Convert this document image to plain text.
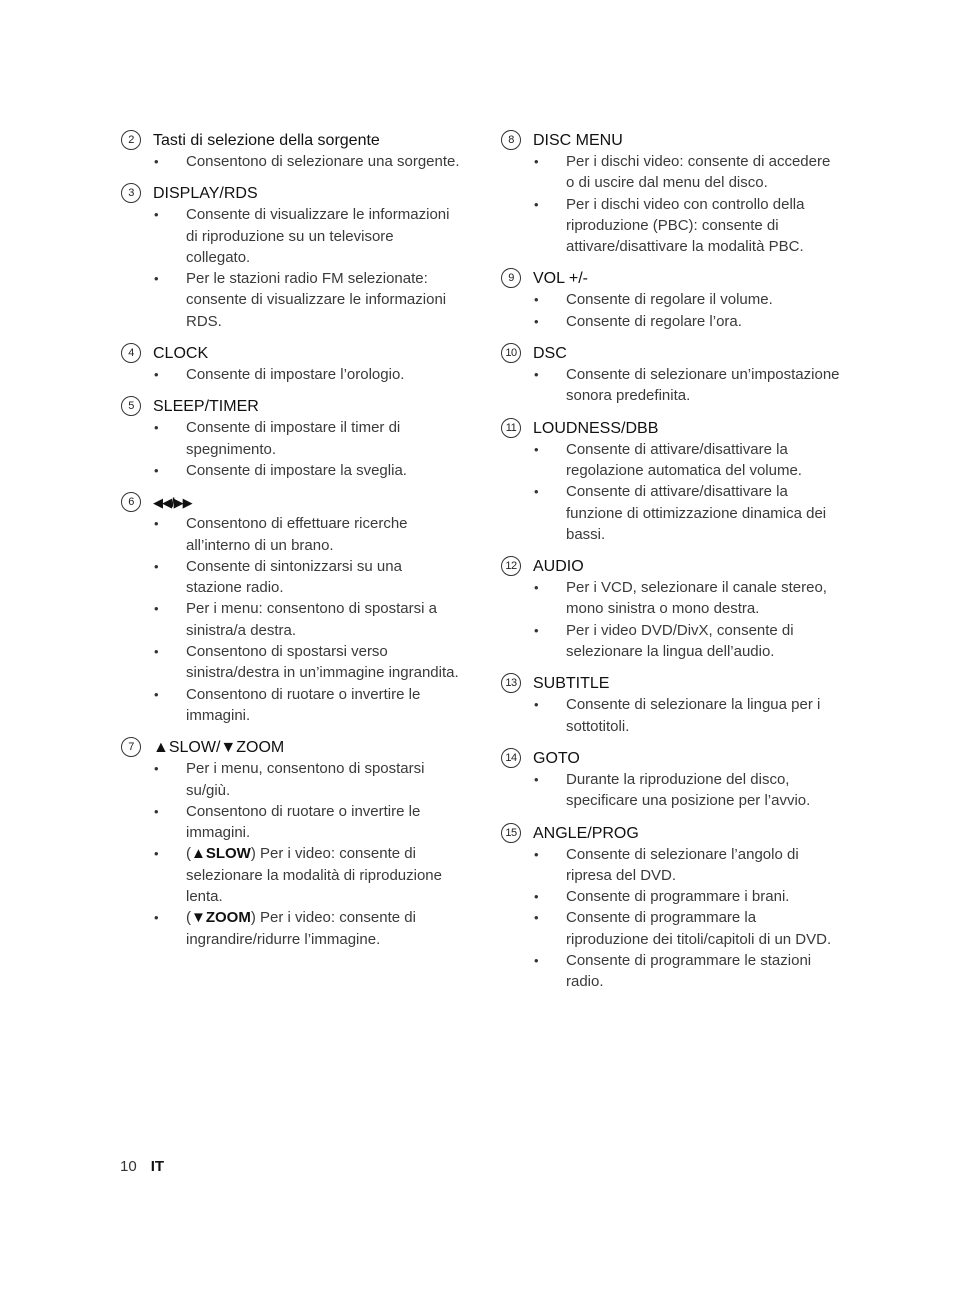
2	Tasti di selezione della sorgente
• Consentono di selezionare una sorgente.
3	DISPLAY/RDS
• Consente di visualizzare le informazioni di riproduzione su un televisore collegato.
• Per le stazioni radio FM selezionate: consente di visualizzare le informazioni RDS.
4	CLOCK
• Consente di impostare l’orologio.
5	SLEEP/TIMER
• Consente di impostare il timer di spegnimento.
• Consente di impostare la sveglia.
6	◀◀/▶▶
• Consentono di effettuare ricerche all’interno di un brano.
• Consente di sintonizzarsi su una stazione radio.
• Per i menu: consentono di spostarsi a sinistra/a destra.
• Consentono di spostarsi verso sinistra/destra in un’immagine ingrandita.
• Consentono di ruotare o invertire le immagini.
7	▲SLOW/▼ZOOM
• Per i menu, consentono di spostarsi su/giù.
• Consentono di ruotare o invertire le immagini.
• (▲SLOW) Per i video: consente di selezionare la modalità di riproduzione lenta.
• (▼ZOOM) Per i video: consente di ingrandire/ridurre l’immagine.
8	DISC MENU
• Per i dischi video: consente di accedere o di uscire dal menu del disco.
• Per i dischi video con controllo della riproduzione (PBC): consente di attivare/disattivare la modalità PBC.
9	VOL +/-
• Consente di regolare il volume.
• Consente di regolare l’ora.
10 DSC
• Consente di selezionare un’impostazione sonora predefinita.
11 LOUDNESS/DBB
• Consente di attivare/disattivare la regolazione automatica del volume.
• Consente di attivare/disattivare la funzione di ottimizzazione dinamica dei bassi.
12 AUDIO
• Per i VCD, selezionare il canale stereo, mono sinistra o mono destra.
• Per i video DVD/DivX, consente di selezionare la lingua dell’audio.
13 SUBTITLE
• Consente di selezionare la lingua per i sottotitoli.
14 GOTO
• Durante la riproduzione del disco, specificare una posizione per l’avvio.
15 ANGLE/PROG
• Consente di selezionare l’angolo di ripresa del DVD.
• Consente di programmare i brani.
• Consente di programmare la riproduzione dei titoli/capitoli di un DVD.
• Consente di programmare le stazioni radio.
10 IT
